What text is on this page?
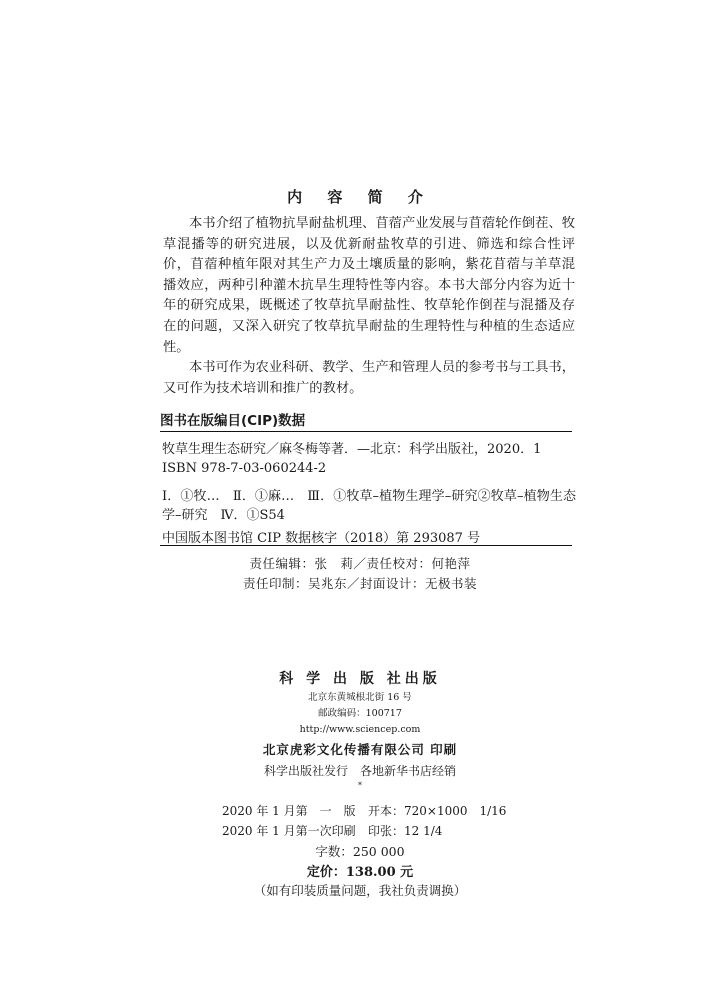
内 容 简 介

本书介绍了植物抗旱耐盐机理、苜蓿产业发展与苜蓿轮作倒茬、牧草混播等的研究进展，以及优新耐盐牧草的引进、筛选和综合性评价，苜蓿种植年限对其生产力及土壤质量的影响，紫花苜蓿与羊草混播效应，两种引种灌木抗旱生理特性等内容。本书大部分内容为近十年的研究成果，既概述了牧草抗旱耐盐性、牧草轮作倒茬与混播及存在的问题，又深入研究了牧草抗旱耐盐的生理特性与种植的生态适应性。

本书可作为农业科研、教学、生产和管理人员的参考书与工具书，又可作为技术培训和推广的教材。

图书在版编目(CIP)数据

牧草生理生态研究／麻冬梅等著．—北京：科学出版社，2020．1

ISBN 978-7-03-060244-2

Ⅰ．①牧…　Ⅱ．①麻…　Ⅲ．①牧草–植物生理学–研究②牧草–植物生态学–研究　Ⅳ．①S54

中国版本图书馆 CIP 数据核字（2018）第 293087 号

责任编辑：张　莉／责任校对：何艳萍
责任印制：吴兆东／封面设计：无极书装
科 学 出 版 社出版
北京东黄城根北街 16 号
邮政编码：100717
http://www.sciencep.com
北京虎彩文化传播有限公司 印刷
科学出版社发行　各地新华书店经销
*
2020 年 1 月第　一　版	开本：720×1000　1/16
2020 年 1 月第一次印刷	印张：12 1/4
字数：250 000
定价：138.00 元
（如有印装质量问题，我社负责调换）
